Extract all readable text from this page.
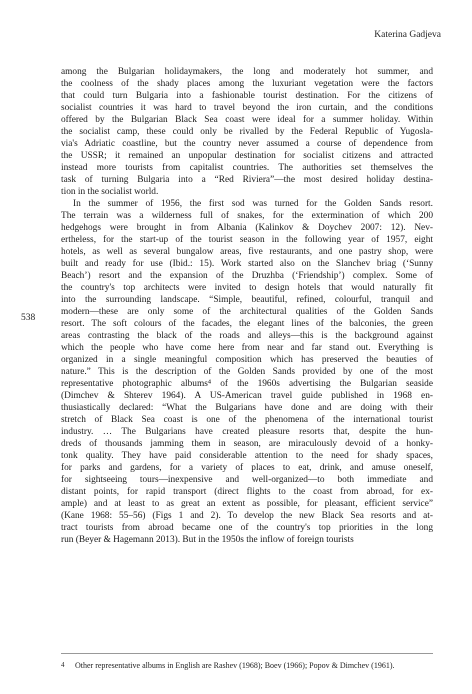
Katerina Gadjeva
538
among the Bulgarian holidaymakers, the long and moderately hot summer, and
the coolness of the shady places among the luxuriant vegetation were the factors
that could turn Bulgaria into a fashionable tourist destination. For the citizens of
socialist countries it was hard to travel beyond the iron curtain, and the conditions
offered by the Bulgarian Black Sea coast were ideal for a summer holiday. Within
the socialist camp, these could only be rivalled by the Federal Republic of Yugosla-
via's Adriatic coastline, but the country never assumed a course of dependence from
the USSR; it remained an unpopular destination for socialist citizens and attracted
instead more tourists from capitalist countries. The authorities set themselves the
task of turning Bulgaria into a “Red Riviera”—the most desired holiday destina-
tion in the socialist world.
In the summer of 1956, the first sod was turned for the Golden Sands resort.
The terrain was a wilderness full of snakes, for the extermination of which 200
hedgehogs were brought in from Albania (Kalinkov & Doychev 2007: 12). Nev-
ertheless, for the start-up of the tourist season in the following year of 1957, eight
hotels, as well as several bungalow areas, five restaurants, and one pastry shop, were
built and ready for use (Ibid.: 15). Work started also on the Slanchev briag (‘Sunny
Beach’) resort and the expansion of the Druzhba (‘Friendship’) complex. Some of
the country's top architects were invited to design hotels that would naturally fit
into the surrounding landscape. “Simple, beautiful, refined, colourful, tranquil and
modern—these are only some of the architectural qualities of the Golden Sands
resort. The soft colours of the facades, the elegant lines of the balconies, the green
areas contrasting the black of the roads and alleys—this is the background against
which the people who have come here from near and far stand out. Everything is
organized in a single meaningful composition which has preserved the beauties of
nature.” This is the description of the Golden Sands provided by one of the most
representative photographic albums⁴ of the 1960s advertising the Bulgarian seaside
(Dimchev & Shterev 1964). A US-American travel guide published in 1968 en-
thusiastically declared: “What the Bulgarians have done and are doing with their
stretch of Black Sea coast is one of the phenomena of the international tourist
industry. … The Bulgarians have created pleasure resorts that, despite the hun-
dreds of thousands jamming them in season, are miraculously devoid of a honky-
tonk quality. They have paid considerable attention to the need for shady spaces,
for parks and gardens, for a variety of places to eat, drink, and amuse oneself,
for sightseeing tours—inexpensive and well-organized—to both immediate and
distant points, for rapid transport (direct flights to the coast from abroad, for ex-
ample) and at least to as great an extent as possible, for pleasant, efficient service”
(Kane 1968: 55–56) (Figs 1 and 2). To develop the new Black Sea resorts and at-
tract tourists from abroad became one of the country's top priorities in the long
run (Beyer & Hagemann 2013). But in the 1950s the inflow of foreign tourists
4 Other representative albums in English are Rashev (1968); Boev (1966); Popov & Dimchev (1961).
